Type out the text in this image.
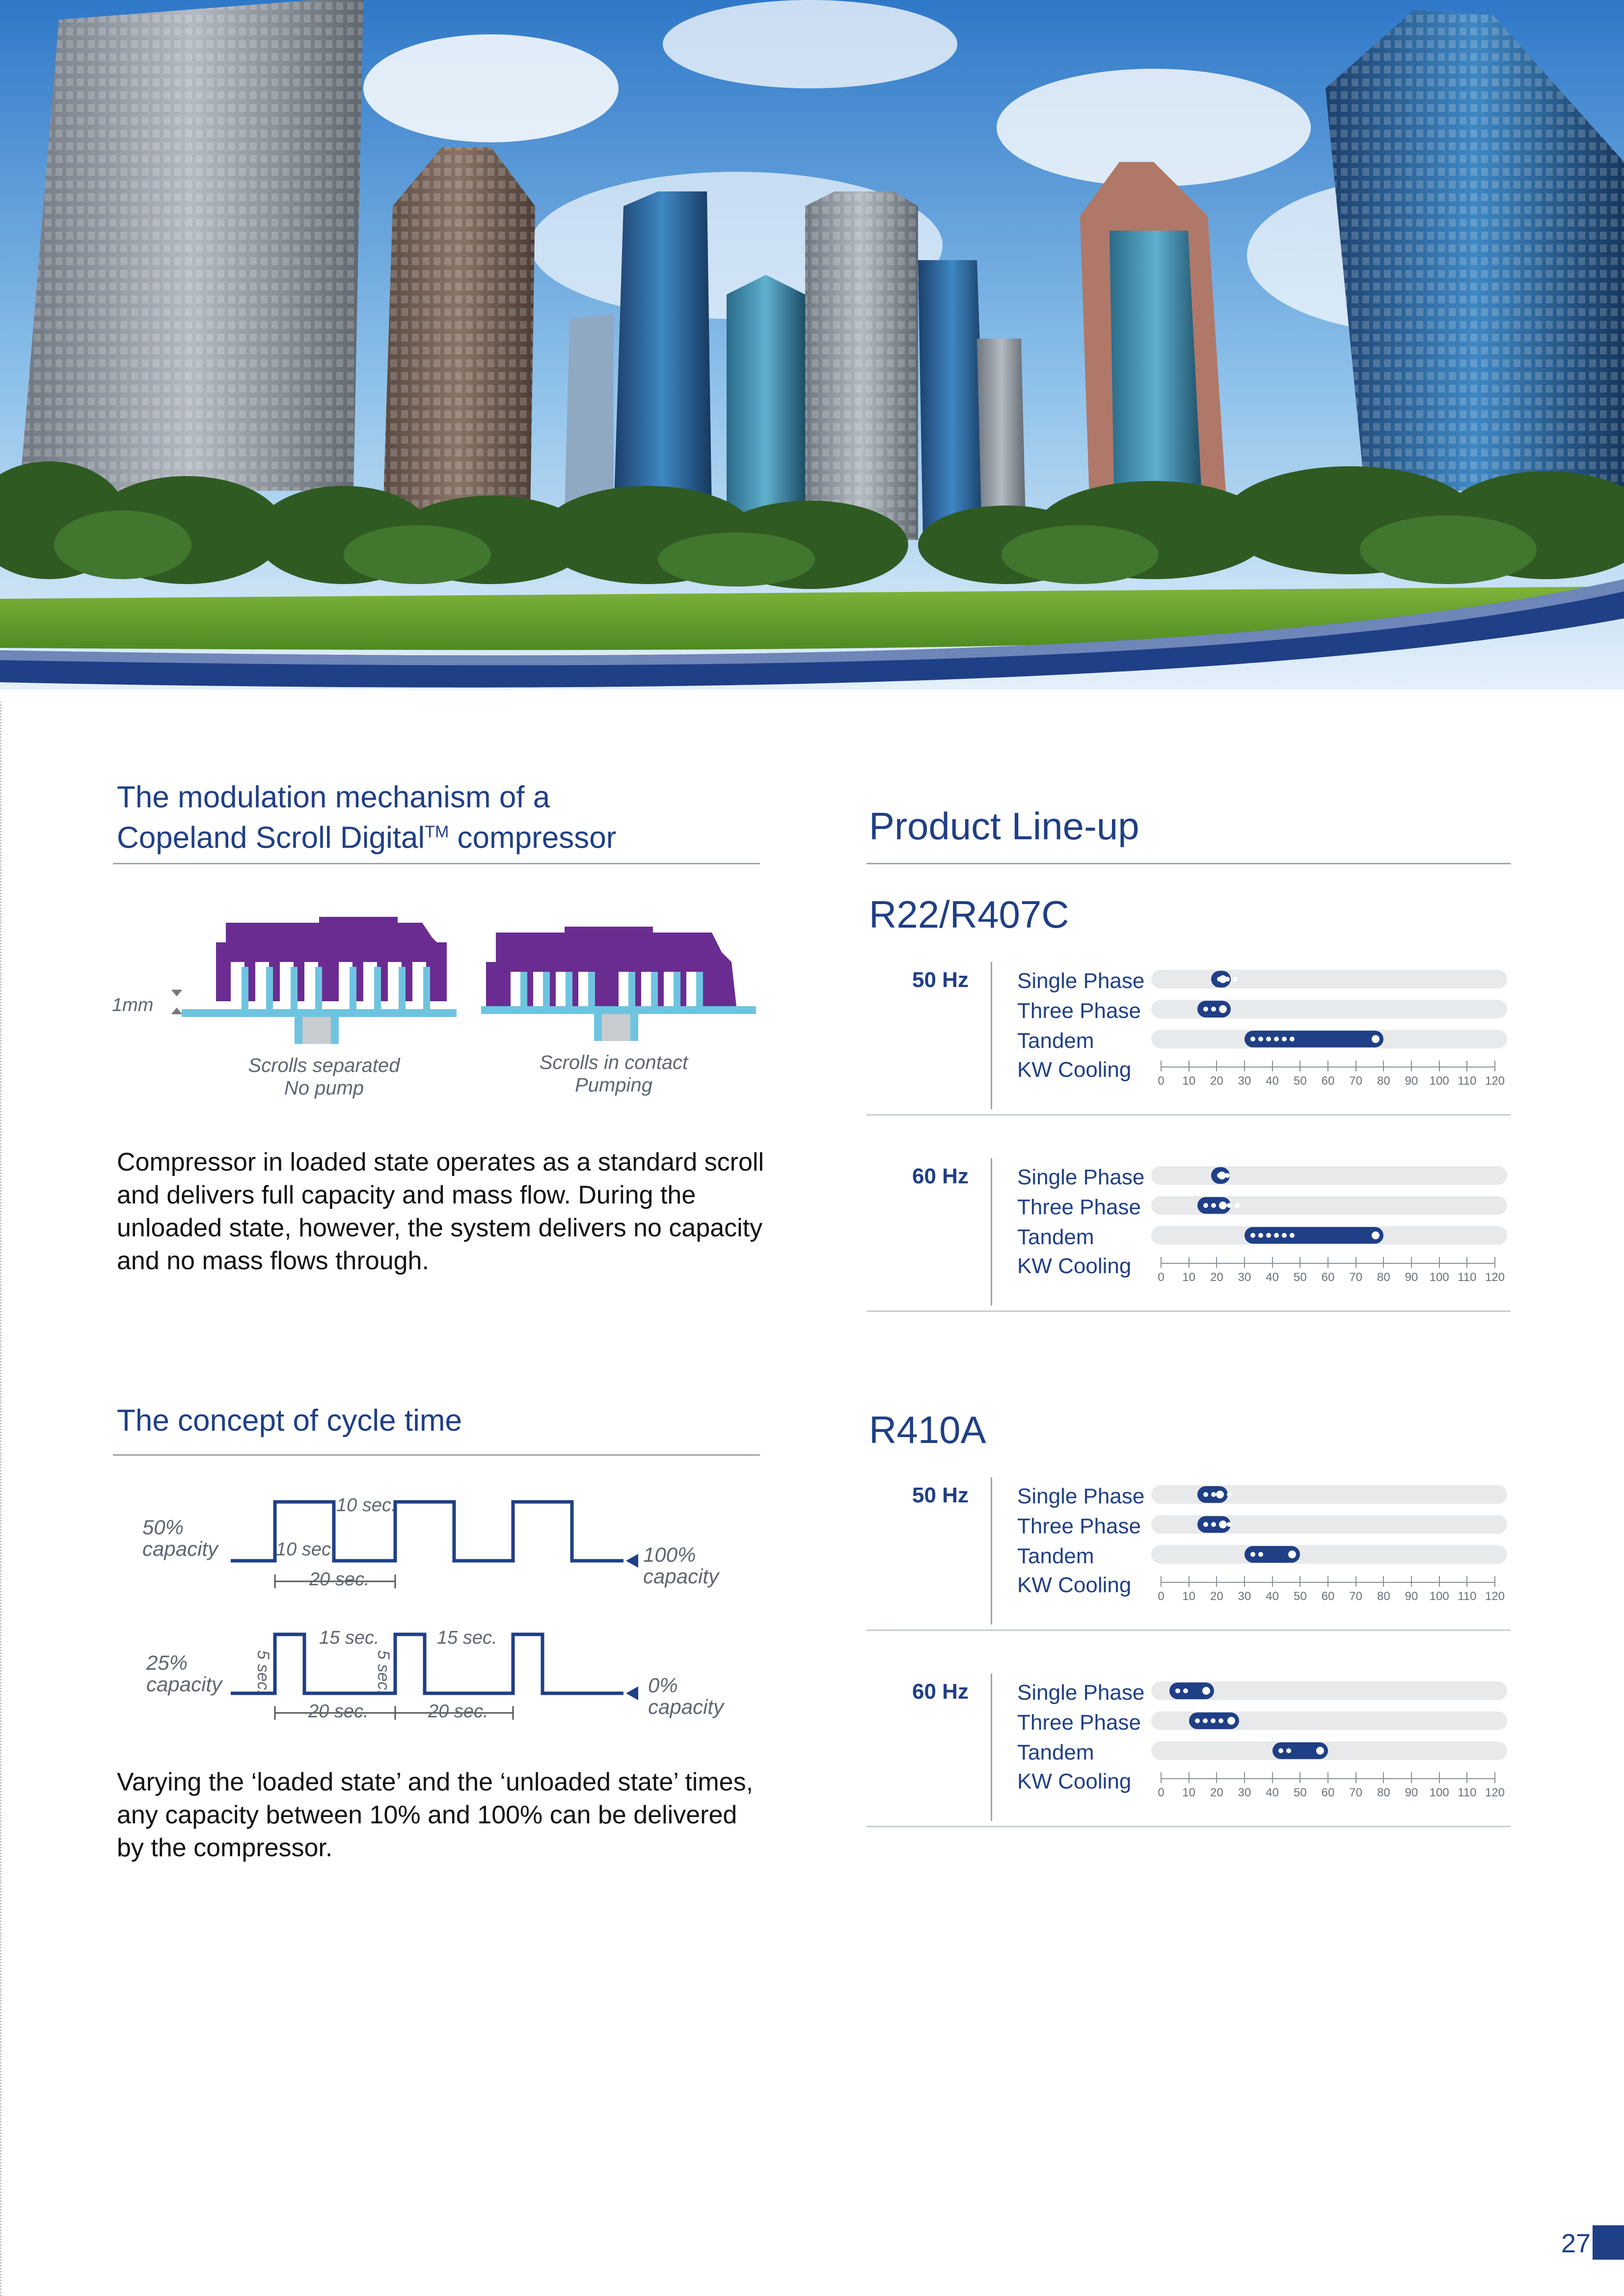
The modulation mechanism of a
Copeland Scroll Digital™ compressor
1mm
Scrolls separated
No pump
Scrolls in contact
Pumping
Compressor in loaded state operates as a standard scroll
and delivers full capacity and mass flow. During the
unloaded state, however, the system delivers no capacity
and no mass flows through.
The concept of cycle time
50%
capacity
10 sec.
10 sec.
20 sec.
100%
capacity
25%
capacity
15 sec.	15 sec.
5 sec.	5 sec.
20 sec.	20 sec.
0%
capacity
Varying the ‘loaded state’ and the ‘unloaded state’ times,
any capacity between 10% and 100% can be delivered
by the compressor.
Product Line-up
R22/R407C
50 Hz Single Phase
Three Phase
Tandem
KW Cooling 0 10 20 30 40 50 60 70 80 90 100 110 120
60 Hz Single Phase
Three Phase
Tandem
KW Cooling 0 10 20 30 40 50 60 70 80 90 100 110 120
R410A
50 Hz Single Phase
Three Phase
Tandem
KW Cooling 0 10 20 30 40 50 60 70 80 90 100 110 120
60 Hz Single Phase
Three Phase
Tandem
KW Cooling 0 10 20 30 40 50 60 70 80 90 100 110 120
27
